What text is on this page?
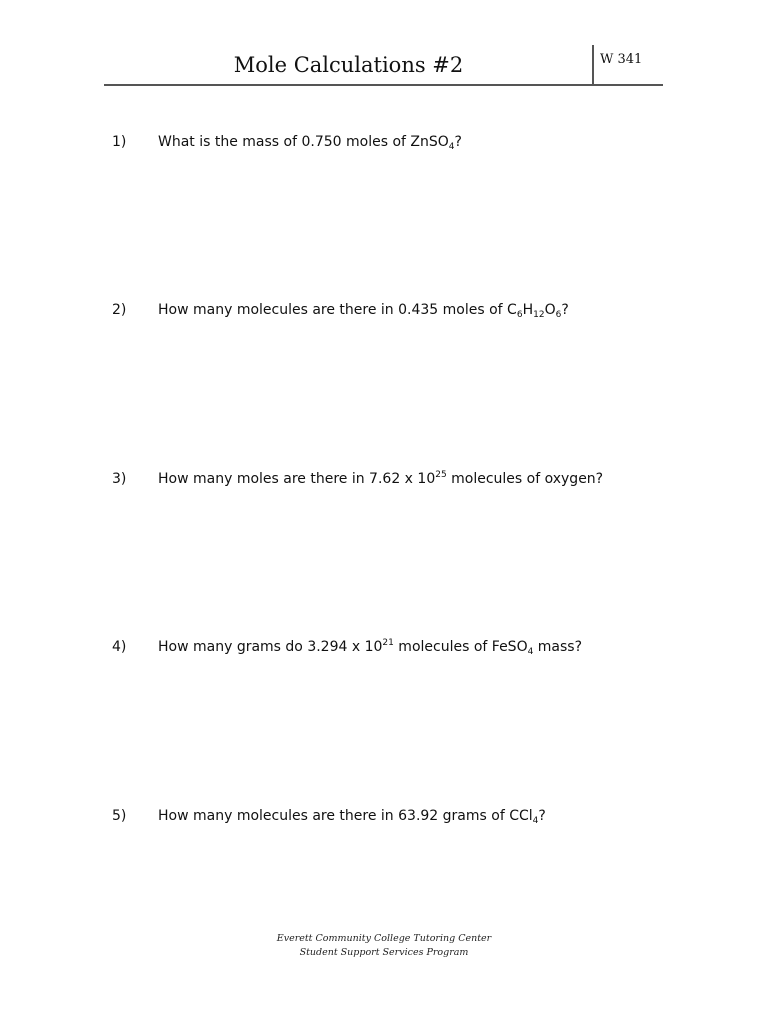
Mole Calculations #2	W 341
1) What is the mass of 0.750 moles of ZnSO$_4$?
2) How many molecules are there in 0.435 moles of $C_6H_{12}O_6$?
3) How many moles are there in 7.62 x $10^{25}$ molecules of oxygen?
4) How many grams do 3.294 x $10^{21}$ molecules of FeSO$_4$ mass?
5) How many molecules are there in 63.92 grams of CCl$_4$?
Everett Community College Tutoring Center
Student Support Services Program
